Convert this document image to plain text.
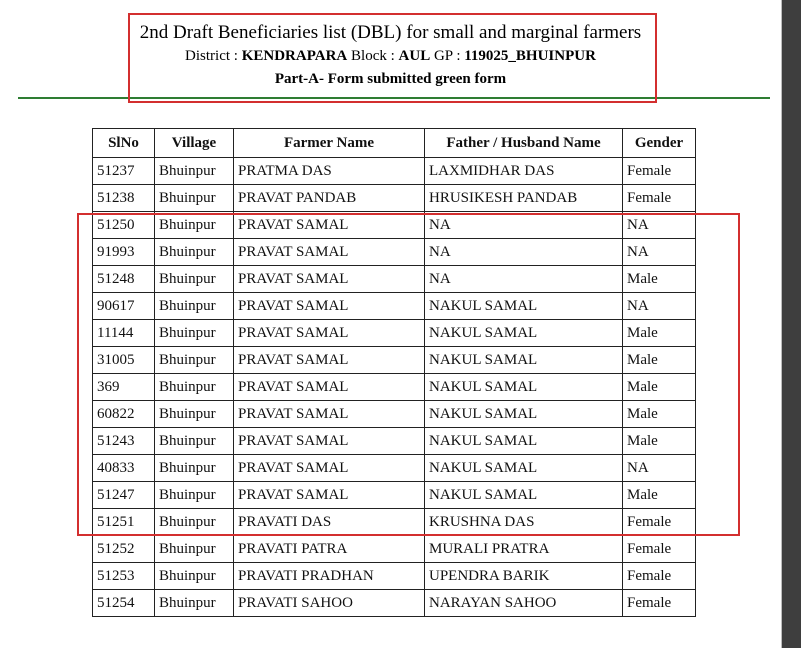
2nd Draft Beneficiaries list (DBL) for small and marginal farmers
District : KENDRAPARA Block : AUL GP : 119025_BHUINPUR
Part-A- Form submitted green form
SlNo	Village	Farmer Name	Father / Husband Name	Gender
51237	Bhuinpur	PRATMA DAS	LAXMIDHAR DAS	Female
51238	Bhuinpur	PRAVAT PANDAB	HRUSIKESH PANDAB	Female
51250	Bhuinpur	PRAVAT SAMAL	NA	NA
91993	Bhuinpur	PRAVAT SAMAL	NA	NA
51248	Bhuinpur	PRAVAT SAMAL	NA	Male
90617	Bhuinpur	PRAVAT SAMAL	NAKUL SAMAL	NA
11144	Bhuinpur	PRAVAT SAMAL	NAKUL SAMAL	Male
31005	Bhuinpur	PRAVAT SAMAL	NAKUL SAMAL	Male
369	Bhuinpur	PRAVAT SAMAL	NAKUL SAMAL	Male
60822	Bhuinpur	PRAVAT SAMAL	NAKUL SAMAL	Male
51243	Bhuinpur	PRAVAT SAMAL	NAKUL SAMAL	Male
40833	Bhuinpur	PRAVAT SAMAL	NAKUL SAMAL	NA
51247	Bhuinpur	PRAVAT SAMAL	NAKUL SAMAL	Male
51251	Bhuinpur	PRAVATI DAS	KRUSHNA DAS	Female
51252	Bhuinpur	PRAVATI PATRA	MURALI PRATRA	Female
51253	Bhuinpur	PRAVATI PRADHAN	UPENDRA BARIK	Female
51254	Bhuinpur	PRAVATI SAHOO	NARAYAN SAHOO	Female
